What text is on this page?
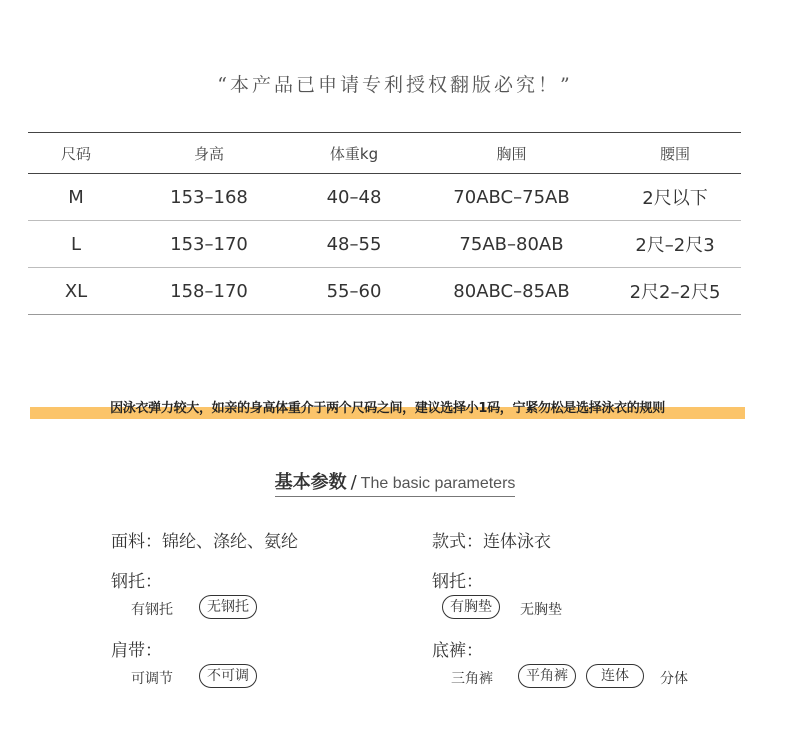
“本产品已申请专利授权翻版必究！”
尺码	身高	体重kg	胸围	腰围
M	153–168	40–48	70ABC–75AB	2尺以下
L	153–170	48–55	75AB–80AB	2尺–2尺3
XL	158–170	55–60	80ABC–85AB	2尺2–2尺5
因泳衣弹力较大，如亲的身高体重介于两个尺码之间，建议选择小1码，宁紧勿松是选择泳衣的规则
基本参数 / The basic parameters
面料：锦纶、涤纶、氨纶	款式：连体泳衣
钢托：
有钢托	无钢托
钢托：
有胸垫	无胸垫
肩带：
可调节	不可调
底裤：
三角裤	平角裤	连体	分体
